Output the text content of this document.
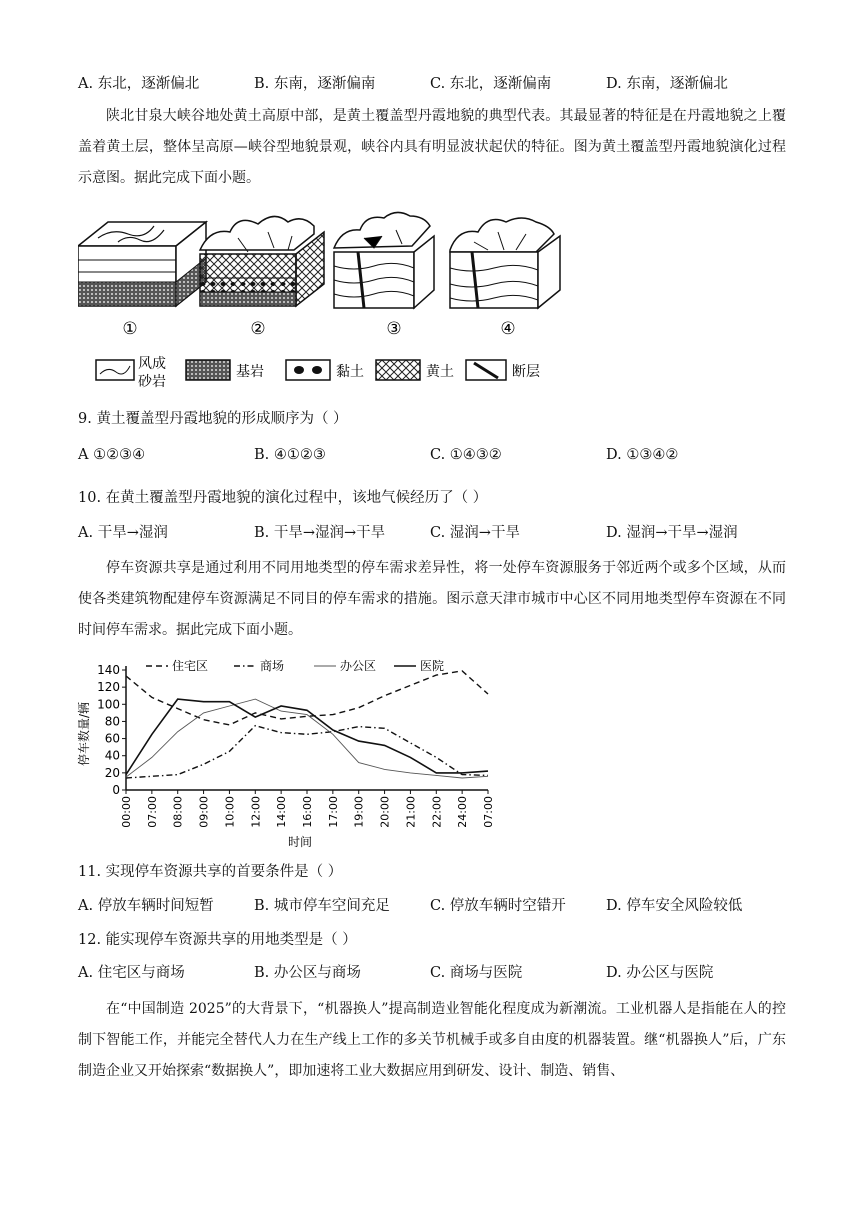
A. 东北，逐渐偏北	B. 东南，逐渐偏南	C. 东北，逐渐偏南	D. 东南，逐渐偏北

陕北甘泉大峡谷地处黄土高原中部，是黄土覆盖型丹霞地貌的典型代表。其最显著的特征是在丹霞地貌之上覆盖着黄土层，整体呈高原—峡谷型地貌景观，峡谷内具有明显波状起伏的特征。图为黄土覆盖型丹霞地貌演化过程示意图。据此完成下面小题。

①	②	③	④
风成
砂岩
基岩	黏土	黄土	断层
9. 黄土覆盖型丹霞地貌的形成顺序为（ ）
A ①②③④	B. ④①②③	C. ①④③②	D. ①③④②
10. 在黄土覆盖型丹霞地貌的演化过程中，该地气候经历了（ ）
A. 干旱→湿润	B. 干旱→湿润→干旱	C. 湿润→干旱	D. 湿润→干旱→湿润

停车资源共享是通过利用不同用地类型的停车需求差异性，将一处停车资源服务于邻近两个或多个区域，从而使各类建筑物配建停车资源满足不同目的停车需求的措施。图示意天津市城市中心区不同用地类型停车资源在不同时间停车需求。据此完成下面小题。

0
20
40
60
80
100
120
140
00:00 07:00 08:00 09:00 10:00 12:00 14:00 16:00 17:00 19:00 20:00 21:00 22:00 24:00 07:00
住宅区	商场	办公区	医院
停车数量/辆
时间
11. 实现停车资源共享的首要条件是（ ）
A. 停放车辆时间短暂	B. 城市停车空间充足	C. 停放车辆时空错开	D. 停车安全风险较低
12. 能实现停车资源共享的用地类型是（ ）
A. 住宅区与商场	B. 办公区与商场	C. 商场与医院	D. 办公区与医院

在“中国制造 2025”的大背景下，“机器换人”提高制造业智能化程度成为新潮流。工业机器人是指能在人的控制下智能工作，并能完全替代人力在生产线上工作的多关节机械手或多自由度的机器装置。继“机器换人”后，广东制造企业又开始探索“数据换人”，即加速将工业大数据应用到研发、设计、制造、销售、
